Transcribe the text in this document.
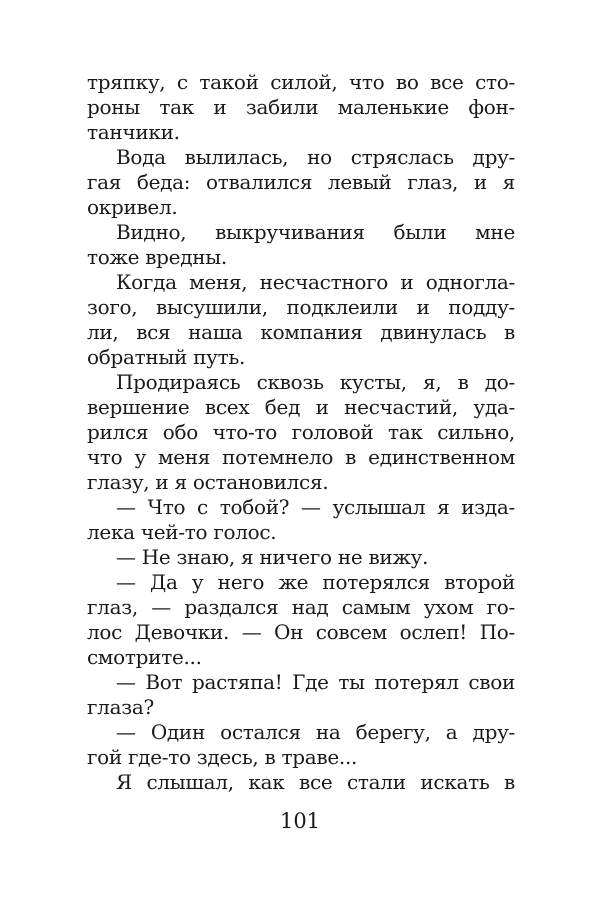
тряпку, с такой силой, что во все сто-
роны так и забили маленькие фон-
танчики.
Вода вылилась, но стряслась дру-
гая беда: отвалился левый глаз, и я
окривел.
Видно, выкручивания были мне
тоже вредны.
Когда меня, несчастного и одногла-
зого, высушили, подклеили и подду-
ли, вся наша компания двинулась в
обратный путь.
Продираясь сквозь кусты, я, в до-
вершение всех бед и несчастий, уда-
рился обо что-то головой так сильно,
что у меня потемнело в единственном
глазу, и я остановился.
— Что с тобой? — услышал я изда-
лека чей-то голос.
— Не знаю, я ничего не вижу.
— Да у него же потерялся второй
глаз, — раздался над самым ухом го-
лос Девочки. — Он совсем ослеп! По-
смотрите...
— Вот растяпа! Где ты потерял свои
глаза?
— Один остался на берегу, а дру-
гой где-то здесь, в траве...
Я слышал, как все стали искать в
101
